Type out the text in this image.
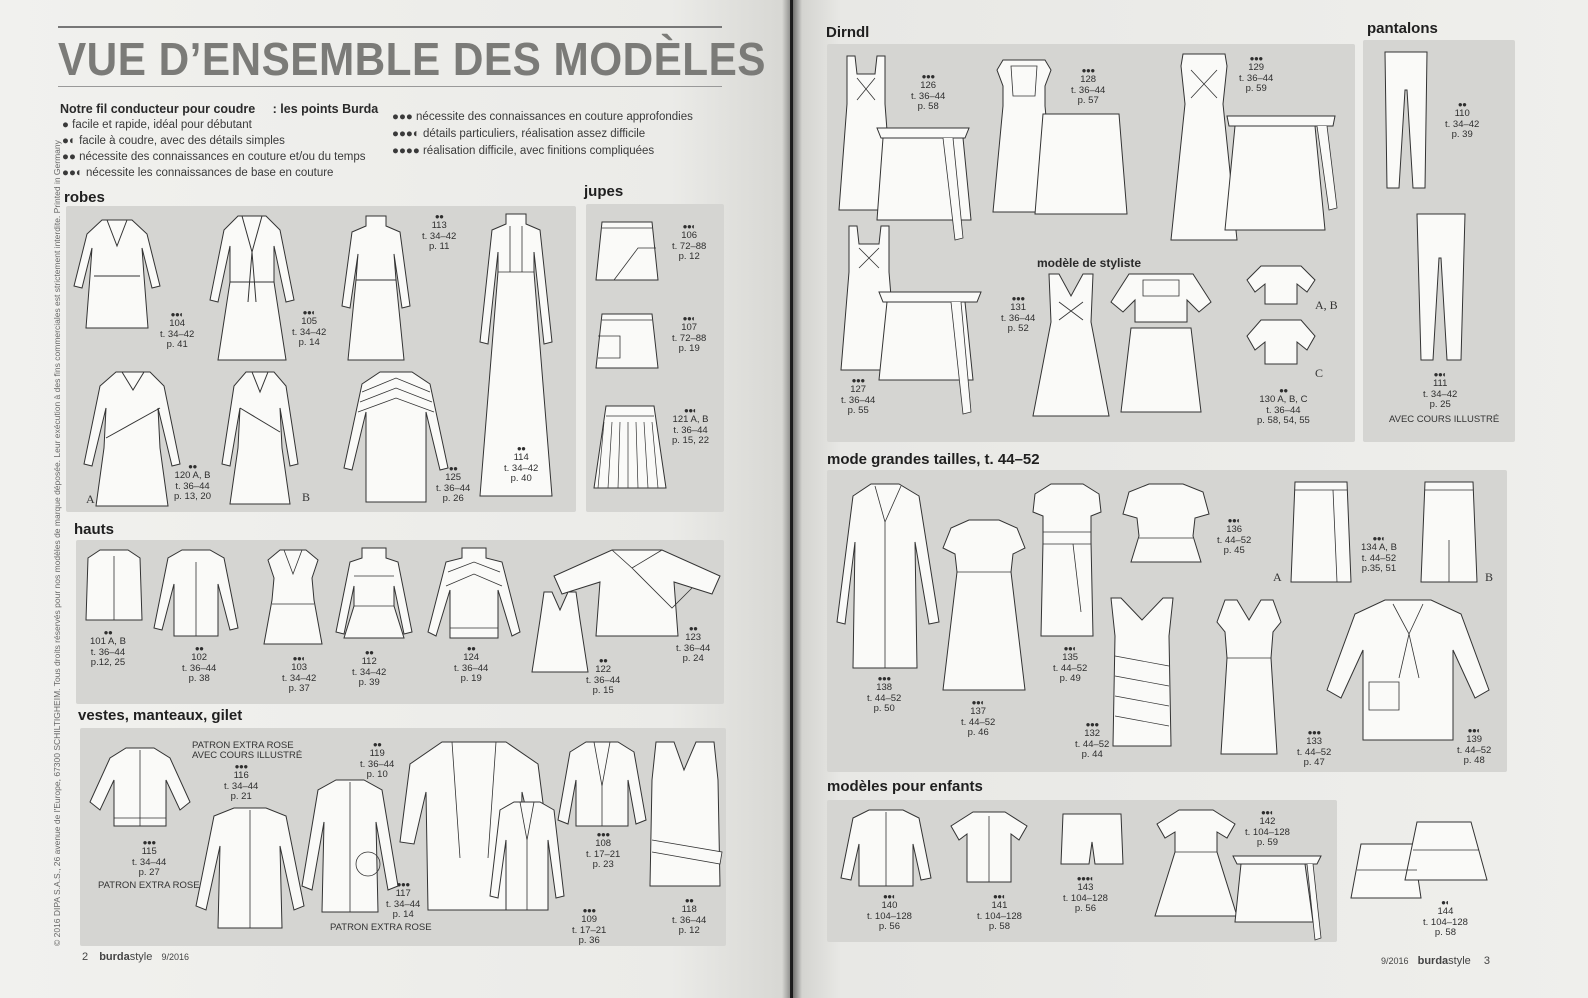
VUE D’ENSEMBLE DES MODÈLES
Notre fil conducteur pour coudre : les points Burda
● facile et rapide, idéal pour débutant
●◐ facile à coudre, avec des détails simples
●● nécessite des connaissances en couture et/ou du temps
●●◐ nécessite les connaissances de base en couture
●●● nécessite des connaissances en couture approfondies
●●●◐ détails particuliers, réalisation assez difficile
●●●● réalisation difficile, avec finitions compliquées
© 2016 DIPA S.A.S., 26 avenue de l'Europe, 67300 SCHILTIGHEIM. Tous droits réservés pour nos modèles de marque déposée. Leur exécution à des fins commerciales est strictement interdite. Printed in Germany robes	jupes
hauts
vestes, manteaux, gilet
●●◐
104
t. 34–42
p. 41
●●◐
105
t. 34–42
p. 14
●●
113
t. 34–42
p. 11
●●
114
t. 34–42
p. 40
A
●●
120 A, B
t. 36–44
p. 13, 20	B
●●
125
t. 36–44
p. 26
●●◐
106
t. 72–88
p. 12
●●◐
107
t. 72–88
p. 19
●●◐
121 A, B
t. 36–44
p. 15, 22
●●
101 A, B
t. 36–44
p.12, 25
●●
102
t. 36–44
p. 38
●●◐
103
t. 34–42
p. 37
●●
112
t. 34–42
p. 39
●●
124
t. 36–44
p. 19
●●
122
t. 36–44
p. 15
●●
123
t. 36–44
p. 24
●●●
115
t. 34–44
p. 27
PATRON EXTRA ROSE
PATRON EXTRA ROSE
AVEC COURS ILLUSTRÉ
●●●
116
t. 34–44
p. 21
●●
119
t. 36–44
p. 10
●●●
117
t. 34–44
p. 14
PATRON EXTRA ROSE
●●●
108
t. 17–21
p. 23
●●●
109
t. 17–21
p. 36
●●
118
t. 36–44
p. 12
2 burdastyle 9/2016
Dirndl	pantalons
mode grandes tailles, t. 44–52
modèles pour enfants
●●●
126
t. 36–44
p. 58
●●●
128
t. 36–44
p. 57
●●●
129
t. 36–44
p. 59
●●●
127
t. 36–44
p. 55
modèle de styliste
●●●
131
t. 36–44
p. 52
A, B
C
●●
130 A, B, C
t. 36–44
p. 58, 54, 55
●●
110
t. 34–42
p. 39
●●◐
111
t. 34–42
p. 25
AVEC COURS ILLUSTRÉ
●●●
138
t. 44–52
p. 50
●●◐
137
t. 44–52
p. 46
●●◐
135
t. 44–52
p. 49
●●◐
136
t. 44–52
p. 45
●●●
132
t. 44–52
p. 44
●●●
133
t. 44–52
p. 47
A
●●◐
134 A, B
t. 44–52
p.35, 51
B
●●◐
139
t. 44–52
p. 48
●●◐
140
t. 104–128
p. 56
●●◐
141
t. 104–128
p. 58
●●●◐
143
t. 104–128
p. 56
●●◐
142
t. 104–128
p. 59
●◐
144
t. 104–128
p. 58
9/2016 burdastyle 3
